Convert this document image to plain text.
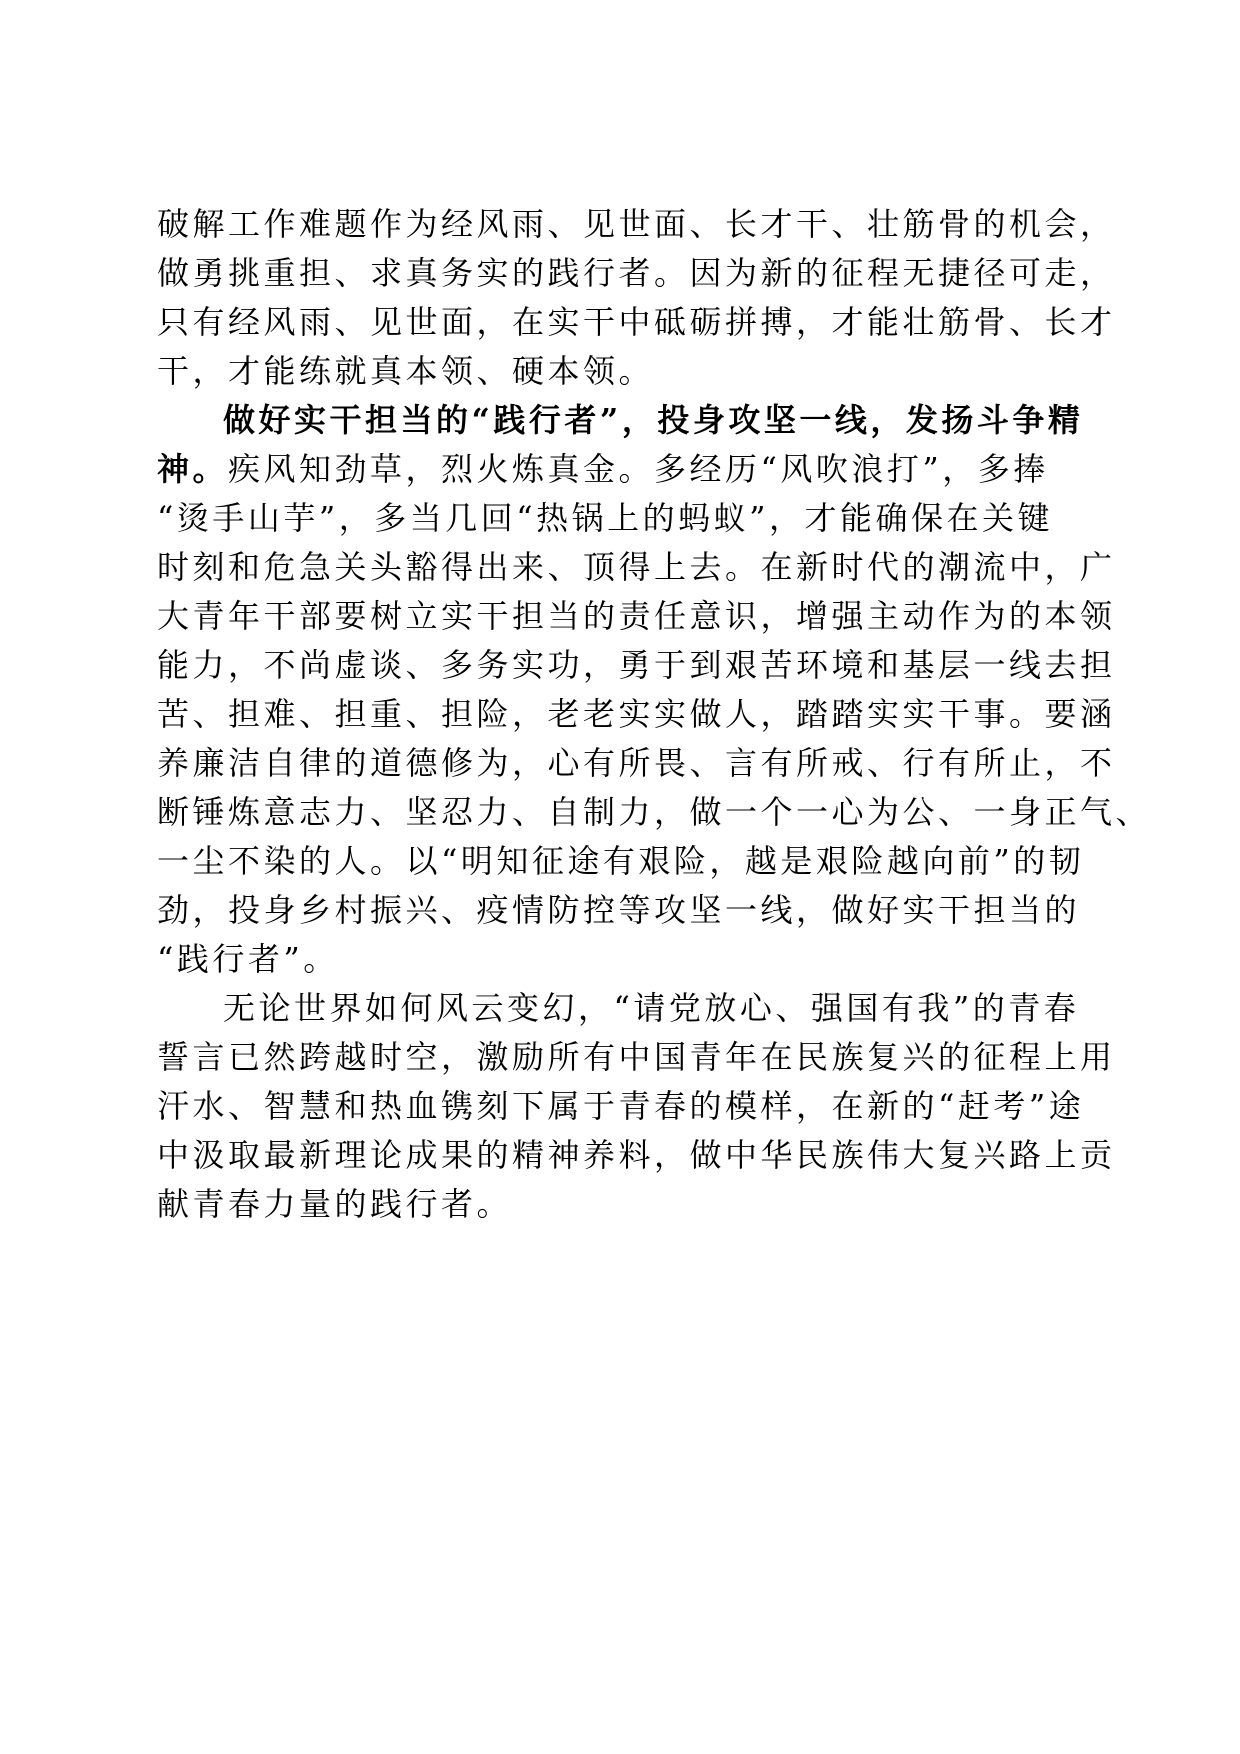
破解工作难题作为经风雨、见世面、长才干、壮筋骨的机会，
做勇挑重担、求真务实的践行者。因为新的征程无捷径可走，
只有经风雨、见世面，在实干中砥砺拼搏，才能壮筋骨、长才
干，才能练就真本领、硬本领。
做好实干担当的“践行者”，投身攻坚一线，发扬斗争精
神。疾风知劲草，烈火炼真金。多经历“风吹浪打”，多捧
“烫手山芋”，多当几回“热锅上的蚂蚁”，才能确保在关键
时刻和危急关头豁得出来、顶得上去。在新时代的潮流中，广
大青年干部要树立实干担当的责任意识，增强主动作为的本领
能力，不尚虚谈、多务实功，勇于到艰苦环境和基层一线去担
苦、担难、担重、担险，老老实实做人，踏踏实实干事。要涵
养廉洁自律的道德修为，心有所畏、言有所戒、行有所止，不
断锤炼意志力、坚忍力、自制力，做一个一心为公、一身正气、
一尘不染的人。以“明知征途有艰险，越是艰险越向前”的韧
劲，投身乡村振兴、疫情防控等攻坚一线，做好实干担当的
“践行者”。
无论世界如何风云变幻，“请党放心、强国有我”的青春
誓言已然跨越时空，激励所有中国青年在民族复兴的征程上用
汗水、智慧和热血镌刻下属于青春的模样，在新的“赶考”途
中汲取最新理论成果的精神养料，做中华民族伟大复兴路上贡
献青春力量的践行者。
